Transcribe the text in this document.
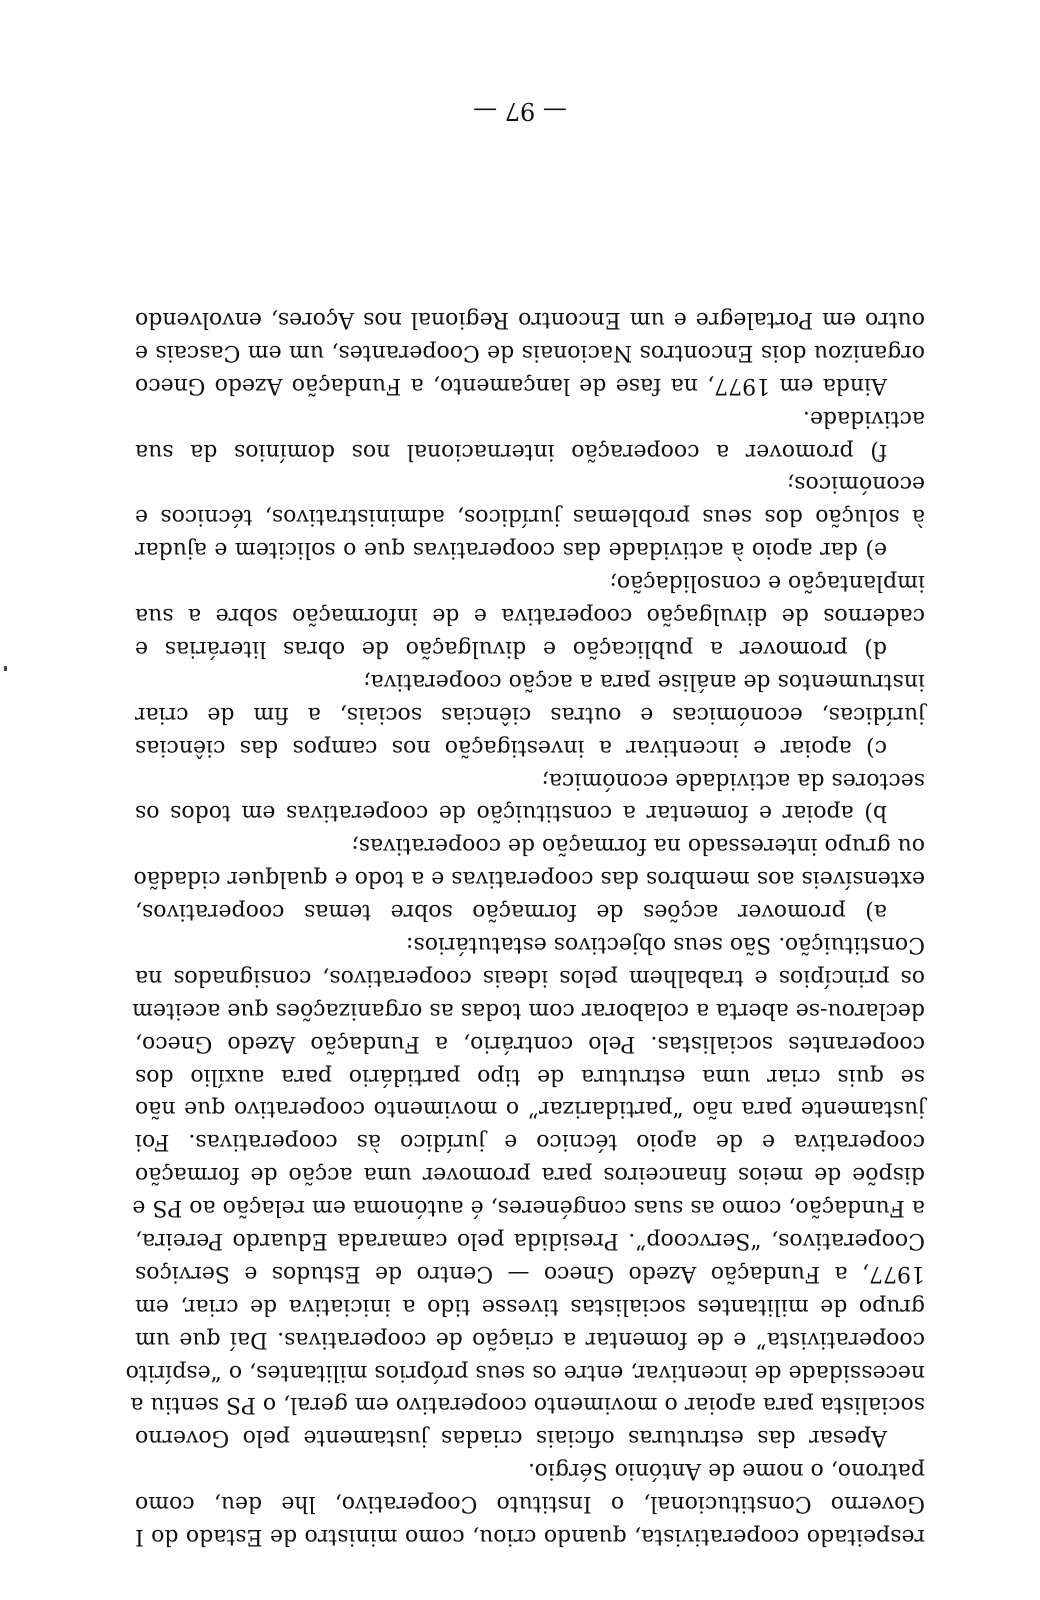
respeitado cooperativista, quando criou, como ministro de Estado do I
Governo Constitucional, o Instituto Cooperativo, lhe deu, como
patrono, o nome de António Sérgio.
Apesar das estruturas oficiais criadas justamente pelo Governo
socialista para apoiar o movimento cooperativo em geral, o PS sentiu a
necessidade de incentivar, entre os seus próprios militantes, o “espírito
cooperativista” e de fomentar a criação de cooperativas. Daí que um
grupo de militantes socialistas tivesse tido a iniciativa de criar, em
1977, a Fundação Azedo Gneco — Centro de Estudos e Serviços
Cooperativos, “Servcoop”. Presidida pelo camarada Eduardo Pereira,
a Fundação, como as suas congéneres, é autónoma em relação ao PS e
dispõe de meios financeiros para promover uma acção de formação
cooperativa e de apoio técnico e jurídico às cooperativas. Foi
justamente para não “partidarizar” o movimento cooperativo que não
se quis criar uma estrutura de tipo partidário para auxílio dos
cooperantes socialistas. Pelo contrário, a Fundação Azedo Gneco,
declarou-se aberta a colaborar com todas as organizações que aceitem
os princípios e trabalhem pelos ideais cooperativos, consignados na
Constituição. São seus objectivos estatutários:
a) promover acções de formação sobre temas cooperativos,
extensíveis aos membros das cooperativas e a todo e qualquer cidadão
ou grupo interessado na formação de cooperativas;
b) apoiar e fomentar a constituição de cooperativas em todos os
sectores da actividade económica;
c) apoiar e incentivar a investigação nos campos das ciências
jurídicas, económicas e outras ciências sociais, a fim de criar
instrumentos de análise para a acção cooperativa;
d) promover a publicação e divulgação de obras literárias e
cadernos de divulgação cooperativa e de informação sobre a sua
implantação e consolidação;
e) dar apoio à actividade das cooperativas que o solicitem e ajudar
à solução dos seus problemas jurídicos, administrativos, técnicos e
económicos;
f) promover a cooperação internacional nos domínios da sua
actividade.
Ainda em 1977, na fase de lançamento, a Fundação Azedo Gneco
organizou dois Encontros Nacionais de Cooperantes, um em Cascais e
outro em Portalegre e um Encontro Regional nos Açores, envolvendo
— 97 —
